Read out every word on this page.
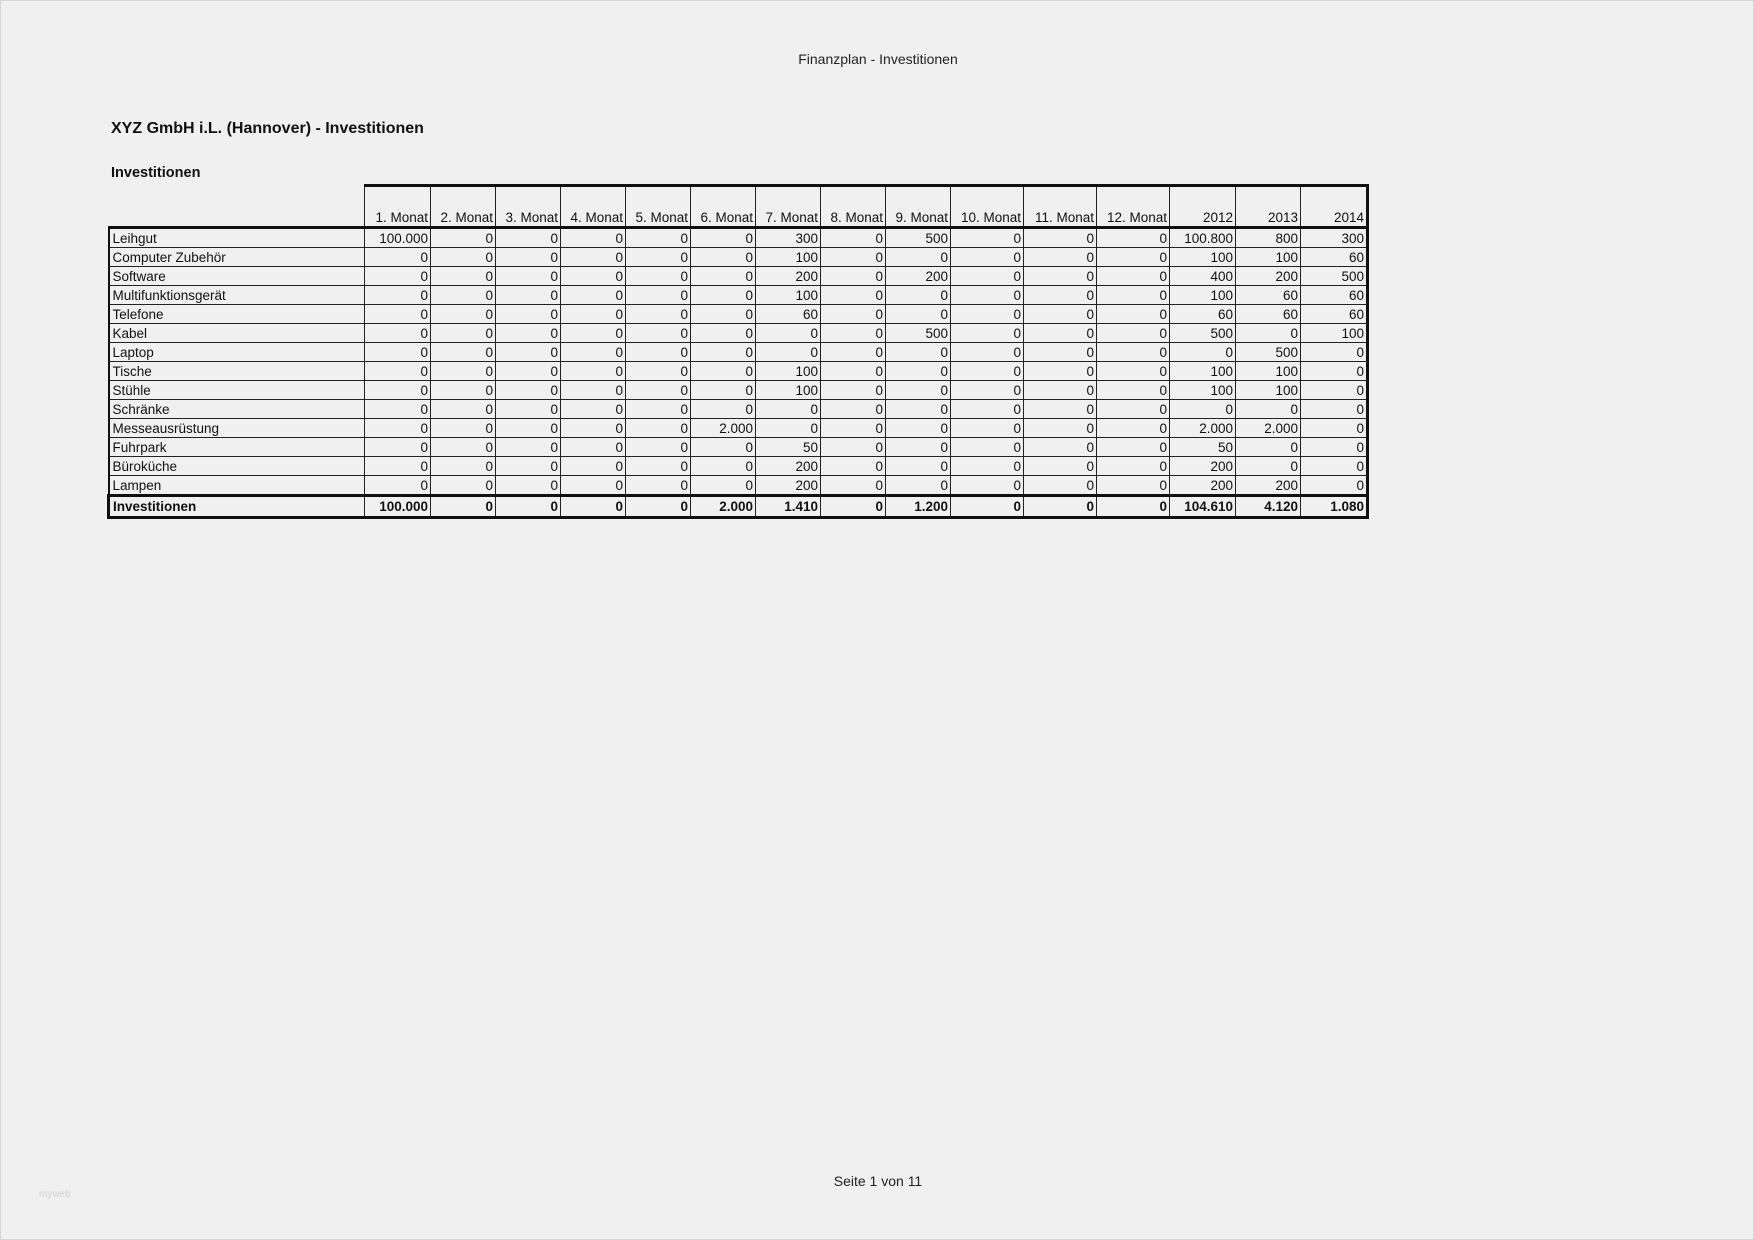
Finanzplan - Investitionen
XYZ GmbH i.L. (Hannover) - Investitionen
Investitionen
	1. Monat	2. Monat	3. Monat	4. Monat	5. Monat	6. Monat	7. Monat	8. Monat	9. Monat	10. Monat	11. Monat	12. Monat	2012	2013	2014
Leihgut	100.000	0	0	0	0	0	300	0	500	0	0	0	100.800	800	300
Computer Zubehör	0	0	0	0	0	0	100	0	0	0	0	0	100	100	60
Software	0	0	0	0	0	0	200	0	200	0	0	0	400	200	500
Multifunktionsgerät	0	0	0	0	0	0	100	0	0	0	0	0	100	60	60
Telefone	0	0	0	0	0	0	60	0	0	0	0	0	60	60	60
Kabel	0	0	0	0	0	0	0	0	500	0	0	0	500	0	100
Laptop	0	0	0	0	0	0	0	0	0	0	0	0	0	500	0
Tische	0	0	0	0	0	0	100	0	0	0	0	0	100	100	0
Stühle	0	0	0	0	0	0	100	0	0	0	0	0	100	100	0
Schränke	0	0	0	0	0	0	0	0	0	0	0	0	0	0	0
Messeausrüstung	0	0	0	0	0	2.000	0	0	0	0	0	0	2.000	2.000	0
Fuhrpark	0	0	0	0	0	0	50	0	0	0	0	0	50	0	0
Büroküche	0	0	0	0	0	0	200	0	0	0	0	0	200	0	0
Lampen	0	0	0	0	0	0	200	0	0	0	0	0	200	200	0
Investitionen	100.000	0	0	0	0	2.000	1.410	0	1.200	0	0	0	104.610	4.120	1.080
Seite 1 von 11
myweb
